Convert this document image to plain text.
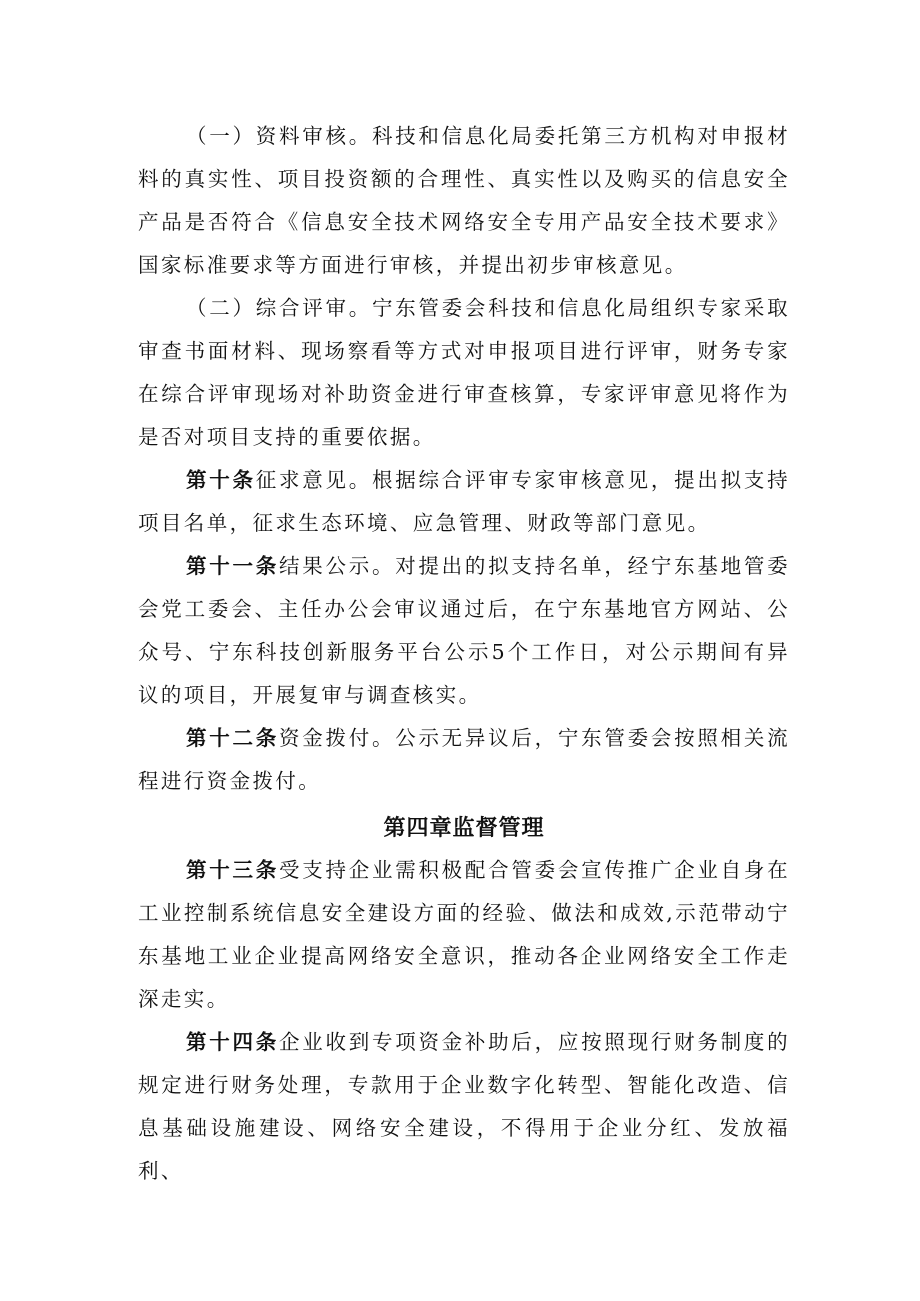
（一）资料审核。科技和信息化局委托第三方机构对申报材料的真实性、项目投资额的合理性、真实性以及购买的信息安全产品是否符合《信息安全技术网络安全专用产品安全技术要求》国家标准要求等方面进行审核，并提出初步审核意见。

（二）综合评审。宁东管委会科技和信息化局组织专家采取审查书面材料、现场察看等方式对申报项目进行评审，财务专家在综合评审现场对补助资金进行审查核算，专家评审意见将作为是否对项目支持的重要依据。

第十条征求意见。根据综合评审专家审核意见，提出拟支持项目名单，征求生态环境、应急管理、财政等部门意见。

第十一条结果公示。对提出的拟支持名单，经宁东基地管委会党工委会、主任办公会审议通过后，在宁东基地官方网站、公众号、宁东科技创新服务平台公示5个工作日，对公示期间有异议的项目，开展复审与调查核实。

第十二条资金拨付。公示无异议后，宁东管委会按照相关流程进行资金拨付。

第四章监督管理

第十三条受支持企业需积极配合管委会宣传推广企业自身在工业控制系统信息安全建设方面的经验、做法和成效,示范带动宁东基地工业企业提高网络安全意识，推动各企业网络安全工作走深走实。

第十四条企业收到专项资金补助后，应按照现行财务制度的规定进行财务处理，专款用于企业数字化转型、智能化改造、信息基础设施建设、网络安全建设，不得用于企业分红、发放福利、
